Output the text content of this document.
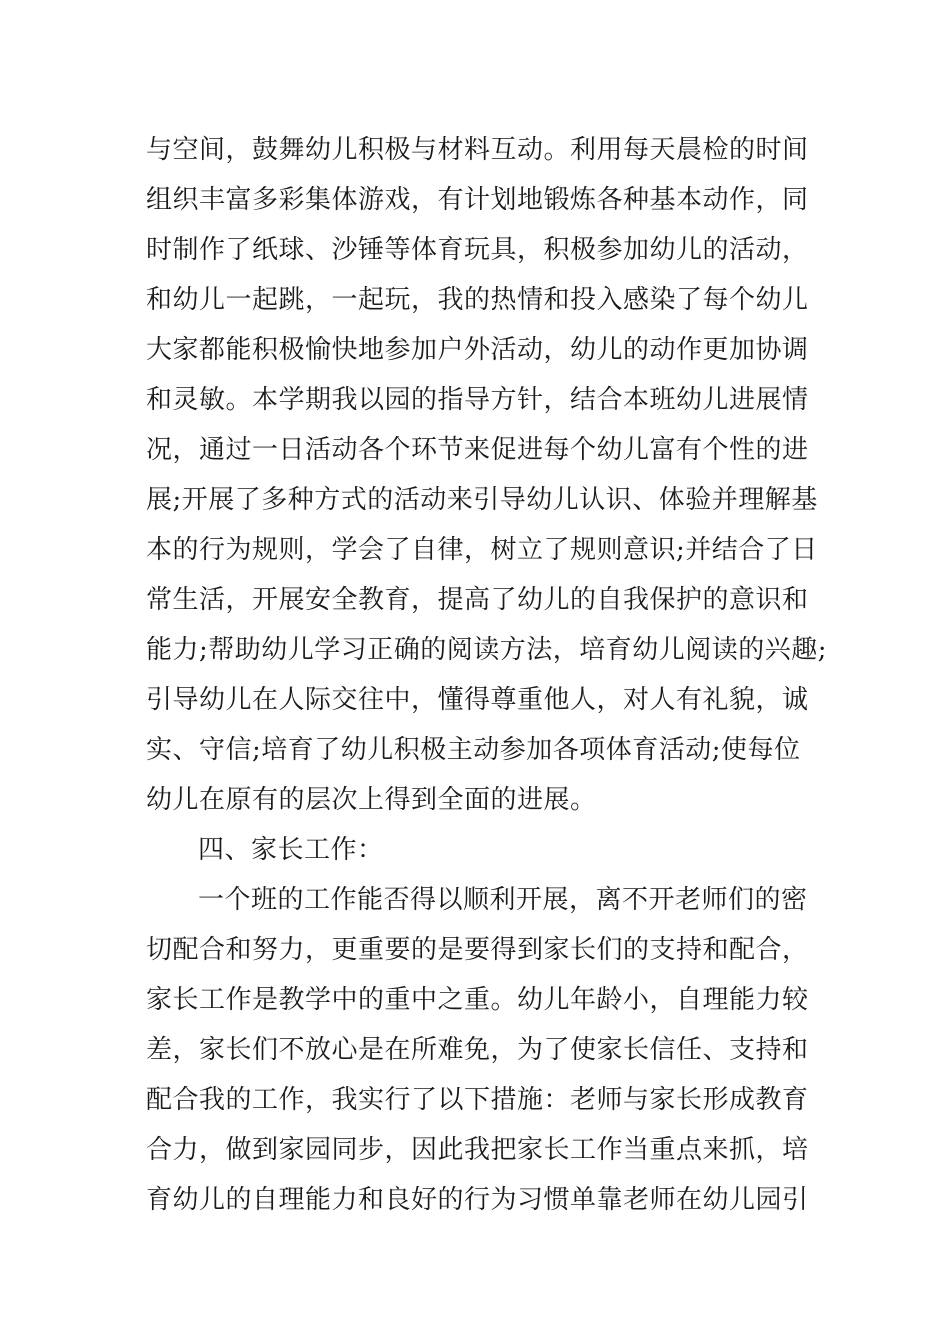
与空间，鼓舞幼儿积极与材料互动。利用每天晨检的时间
组织丰富多彩集体游戏，有计划地锻炼各种基本动作，同
时制作了纸球、沙锤等体育玩具，积极参加幼儿的活动，
和幼儿一起跳，一起玩，我的热情和投入感染了每个幼儿
大家都能积极愉快地参加户外活动，幼儿的动作更加协调
和灵敏。本学期我以园的指导方针，结合本班幼儿进展情
况，通过一日活动各个环节来促进每个幼儿富有个性的进
展;开展了多种方式的活动来引导幼儿认识、体验并理解基
本的行为规则，学会了自律，树立了规则意识;并结合了日
常生活，开展安全教育，提高了幼儿的自我保护的意识和
能力;帮助幼儿学习正确的阅读方法，培育幼儿阅读的兴趣;
引导幼儿在人际交往中，懂得尊重他人，对人有礼貌，诚
实、守信;培育了幼儿积极主动参加各项体育活动;使每位
幼儿在原有的层次上得到全面的进展。
四、家长工作：
一个班的工作能否得以顺利开展，离不开老师们的密
切配合和努力，更重要的是要得到家长们的支持和配合，
家长工作是教学中的重中之重。幼儿年龄小，自理能力较
差，家长们不放心是在所难免，为了使家长信任、支持和
配合我的工作，我实行了以下措施：老师与家长形成教育
合力，做到家园同步，因此我把家长工作当重点来抓，培
育幼儿的自理能力和良好的行为习惯单靠老师在幼儿园引
